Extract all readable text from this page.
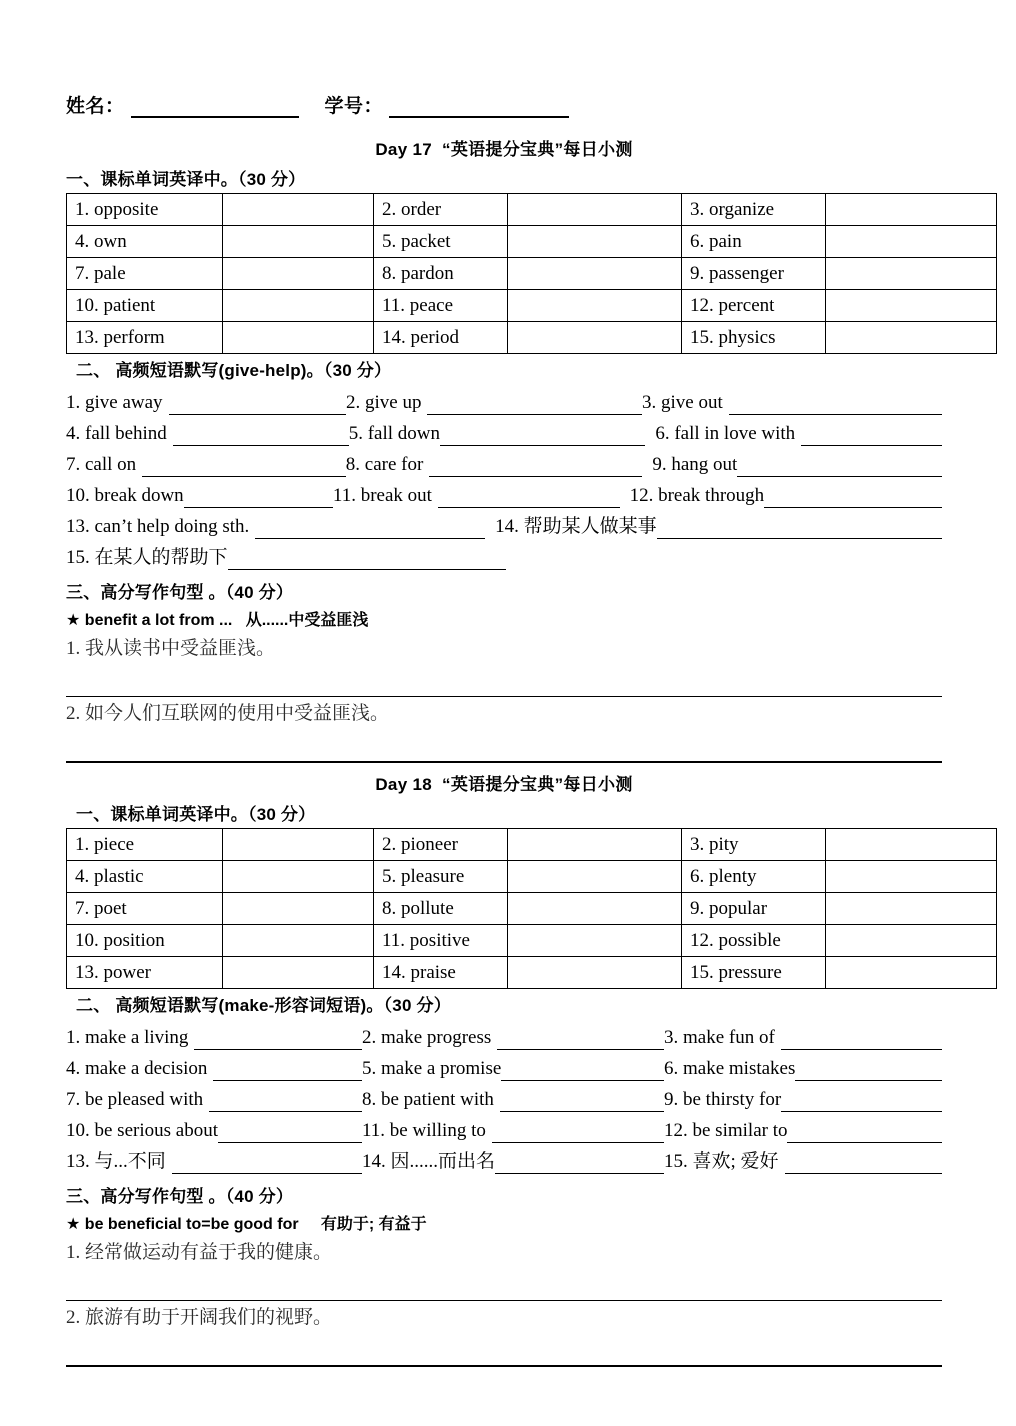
姓名：	学号：
Day 17  “英语提分宝典”每日小测
一、课标单词英译中。（30 分）
1. opposite		2. order		3. organize	
4. own		5. packet		6. pain	
7. pale		8. pardon		9. passenger	
10. patient		11. peace		12. percent	
13. perform		14. period		15. physics	
二、 高频短语默写(give-help)。（30 分）
1. give away	2. give up	3. give out
4. fall behind	5. fall down	6. fall in love with
7. call on	8. care for	9. hang out
10. break down	11. break out	12. break through
13. can’t help doing sth.	14. 帮助某人做某事
15. 在某人的帮助下
三、高分写作句型 。（40 分）
★ benefit a lot from ...   从......中受益匪浅
1. 我从读书中受益匪浅。
2. 如今人们互联网的使用中受益匪浅。
Day 18  “英语提分宝典”每日小测
一、课标单词英译中。（30 分）
1. piece		2. pioneer		3. pity	
4. plastic		5. pleasure		6. plenty	
7. poet		8. pollute		9. popular	
10. position		11. positive		12. possible	
13. power		14. praise		15. pressure	
二、 高频短语默写(make-形容词短语)。（30 分）
1. make a living	2. make progress	3. make fun of
4. make a decision	5. make a promise	6. make mistakes
7. be pleased with	8. be patient with	9. be thirsty for
10. be serious about	11. be willing to	12. be similar to
13. 与...不同	14. 因......而出名	15. 喜欢; 爱好
三、高分写作句型 。（40 分）
★ be beneficial to=be good for     有助于; 有益于
1. 经常做运动有益于我的健康。
2. 旅游有助于开阔我们的视野。
